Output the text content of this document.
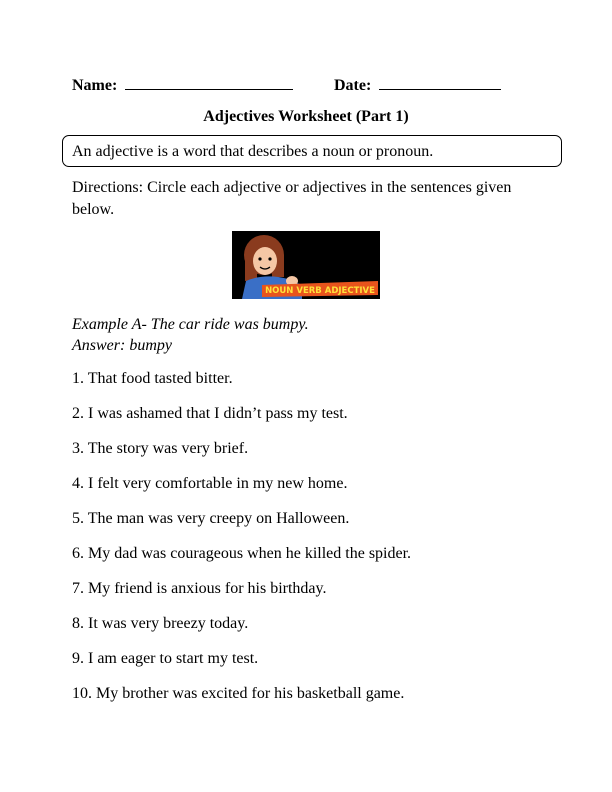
Name:	Date:
Adjectives Worksheet (Part 1)
An adjective is a word that describes a noun or pronoun.
Directions: Circle each adjective or adjectives in the sentences given below.
NOUN VERB ADJECTIVE
Example A- The car ride was bumpy.
Answer: bumpy
1. That food tasted bitter.
2. I was ashamed that I didn’t pass my test.
3. The story was very brief.
4. I felt very comfortable in my new home.
5. The man was very creepy on Halloween.
6. My dad was courageous when he killed the spider.
7. My friend is anxious for his birthday.
8. It was very breezy today.
9. I am eager to start my test.
10. My brother was excited for his basketball game.
